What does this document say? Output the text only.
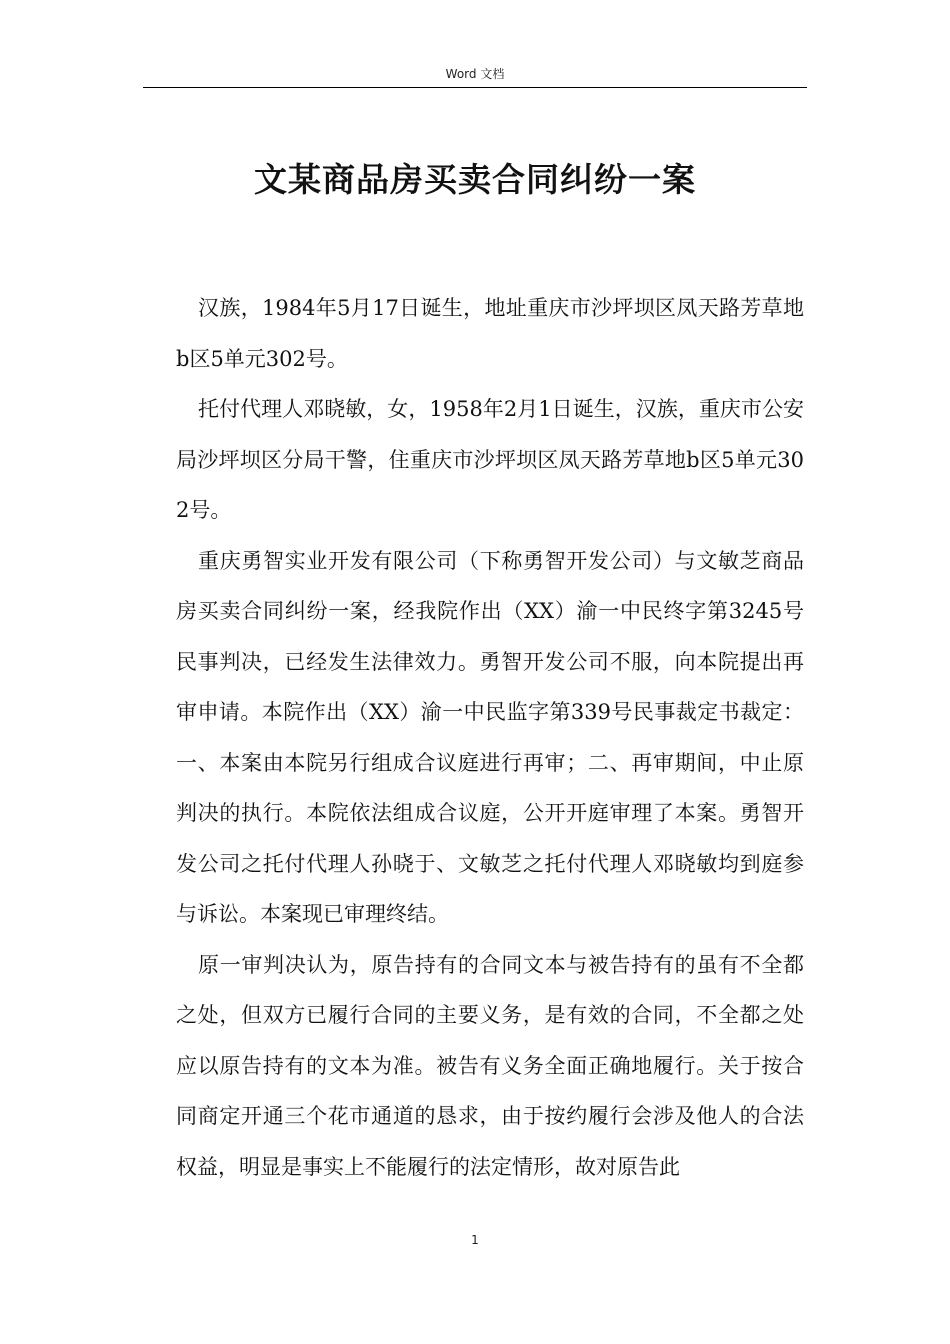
Word 文档
文某商品房买卖合同纠纷一案

汉族，1984年5月17日诞生，地址重庆市沙坪坝区凤天路芳草地b区5单元302号。

托付代理人邓晓敏，女，1958年2月1日诞生，汉族，重庆市公安局沙坪坝区分局干警，住重庆市沙坪坝区凤天路芳草地b区5单元302号。

重庆勇智实业开发有限公司（下称勇智开发公司）与文敏芝商品房买卖合同纠纷一案，经我院作出（XX）渝一中民终字第3245号民事判决，已经发生法律效力。勇智开发公司不服，向本院提出再审申请。本院作出（XX）渝一中民监字第339号民事裁定书裁定：一、本案由本院另行组成合议庭进行再审；二、再审期间，中止原判决的执行。本院依法组成合议庭，公开开庭审理了本案。勇智开发公司之托付代理人孙晓于、文敏芝之托付代理人邓晓敏均到庭参与诉讼。本案现已审理终结。

原一审判决认为，原告持有的合同文本与被告持有的虽有不全都之处，但双方已履行合同的主要义务，是有效的合同，不全都之处应以原告持有的文本为准。被告有义务全面正确地履行。关于按合同商定开通三个花市通道的恳求，由于按约履行会涉及他人的合法权益，明显是事实上不能履行的法定情形，故对原告此

1
